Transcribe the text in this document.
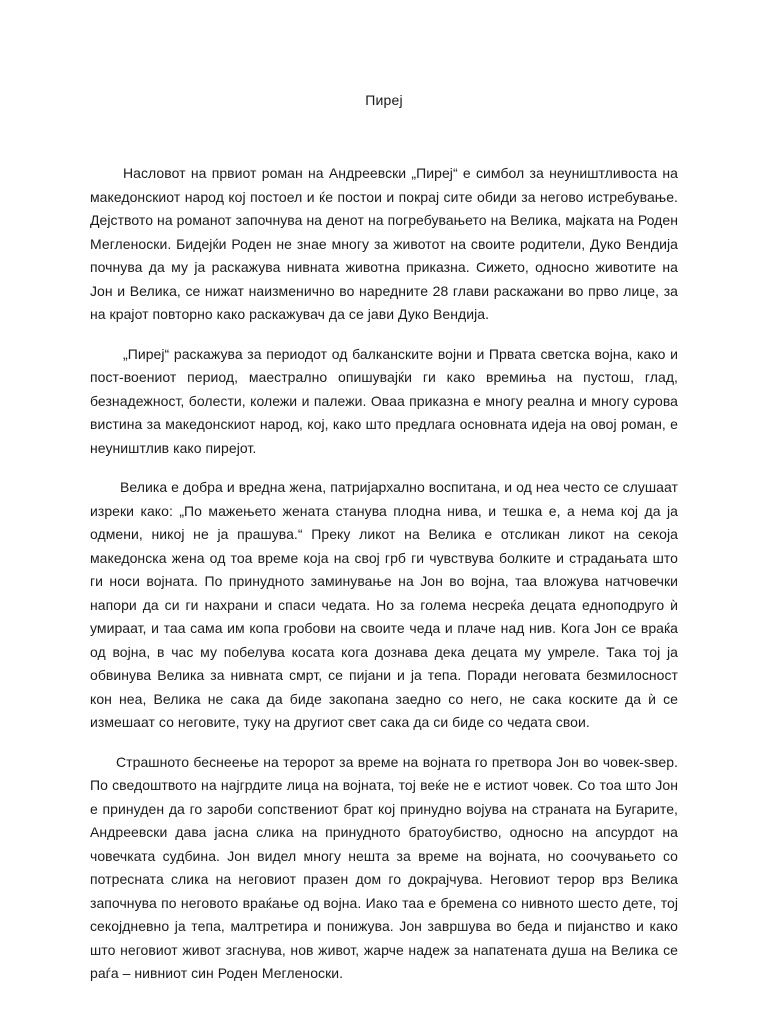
Пиреј

Насловот на првиот роман на Андреевски „Пиреј“ е симбол за неуништливоста на македонскиот народ кој постоел и ќе постои и покрај сите обиди за негово истребување. Дејството на романот започнува на денот на погребувањето на Велика, мајката на Роден Мегленоски. Бидејќи Роден не знае многу за животот на своите родители, Дуко Вендија почнува да му ја раскажува нивната животна приказна. Сижето, односно животите на Јон и Велика, се нижат наизменично во наредните 28 глави раскажани во прво лице, за на крајот повторно како раскажувач да се јави Дуко Вендија.

„Пиреј“ раскажува за периодот од балканските војни и Првата светска војна, како и пост-воениот период, маестрално опишувајќи ги како времиња на пустош, глад, безнадежност, болести, колежи и палежи. Оваа приказна е многу реална и многу сурова вистина за македонскиот народ, кој, како што предлага основната идеја на овој роман, е неуништлив како пирејот.

Велика е добра и вредна жена, патријархално воспитана, и од неа често се слушаат изреки како: „По мажењето жената станува плодна нива, и тешка е, а нема кој да ја одмени, никој не ја прашува.“ Преку ликот на Велика е отсликан ликот на секоја македонска жена од тоа време која на свој грб ги чувствува болките и страдањата што ги носи војната. По принудното заминување на Јон во војна, таа вложува натчовечки напори да си ги нахрани и спаси чедата. Но за голема несреќа децата еднoподруго ѝ умираат, и таа сама им копа гробови на своите чеда и плаче над нив. Кога Јон се враќа од војна, в час му побелува косата кога дознава дека децата му умреле. Така тој ја обвинува Велика за нивната смрт, се пијани и ја тепа. Поради неговата безмилосност кон неа, Велика не сака да биде закопана заедно со него, не сака коските да ѝ се измешаат со неговите, туку на другиот свет сака да си биде со чедата свои.

Страшното беснеење на теророт за време на војната го претвора Јон во човек-ѕвер. По сведоштвото на најгрдите лица на војната, тој веќе не е истиот човек. Со тоа што Јон е принуден да го зароби сопствениот брат кој принудно војува на страната на Бугарите, Андреевски дава јасна слика на принудното братоубиство, односно на апсурдот на човечката судбина. Јон видел многу нешта за време на војната, но соочувањето со потресната слика на неговиот празен дом го докрајчува. Неговиот терор врз Велика започнува по неговото враќање од војна. Иако таа е бремена со нивното шесто дете, тој секојдневно ја тепа, малтретира и понижува. Јон завршува во беда и пијанство и како што неговиот живот згаснува, нов живот, жарче надеж за напатената душа на Велика се раѓа – нивниот син Роден Мегленоски.
